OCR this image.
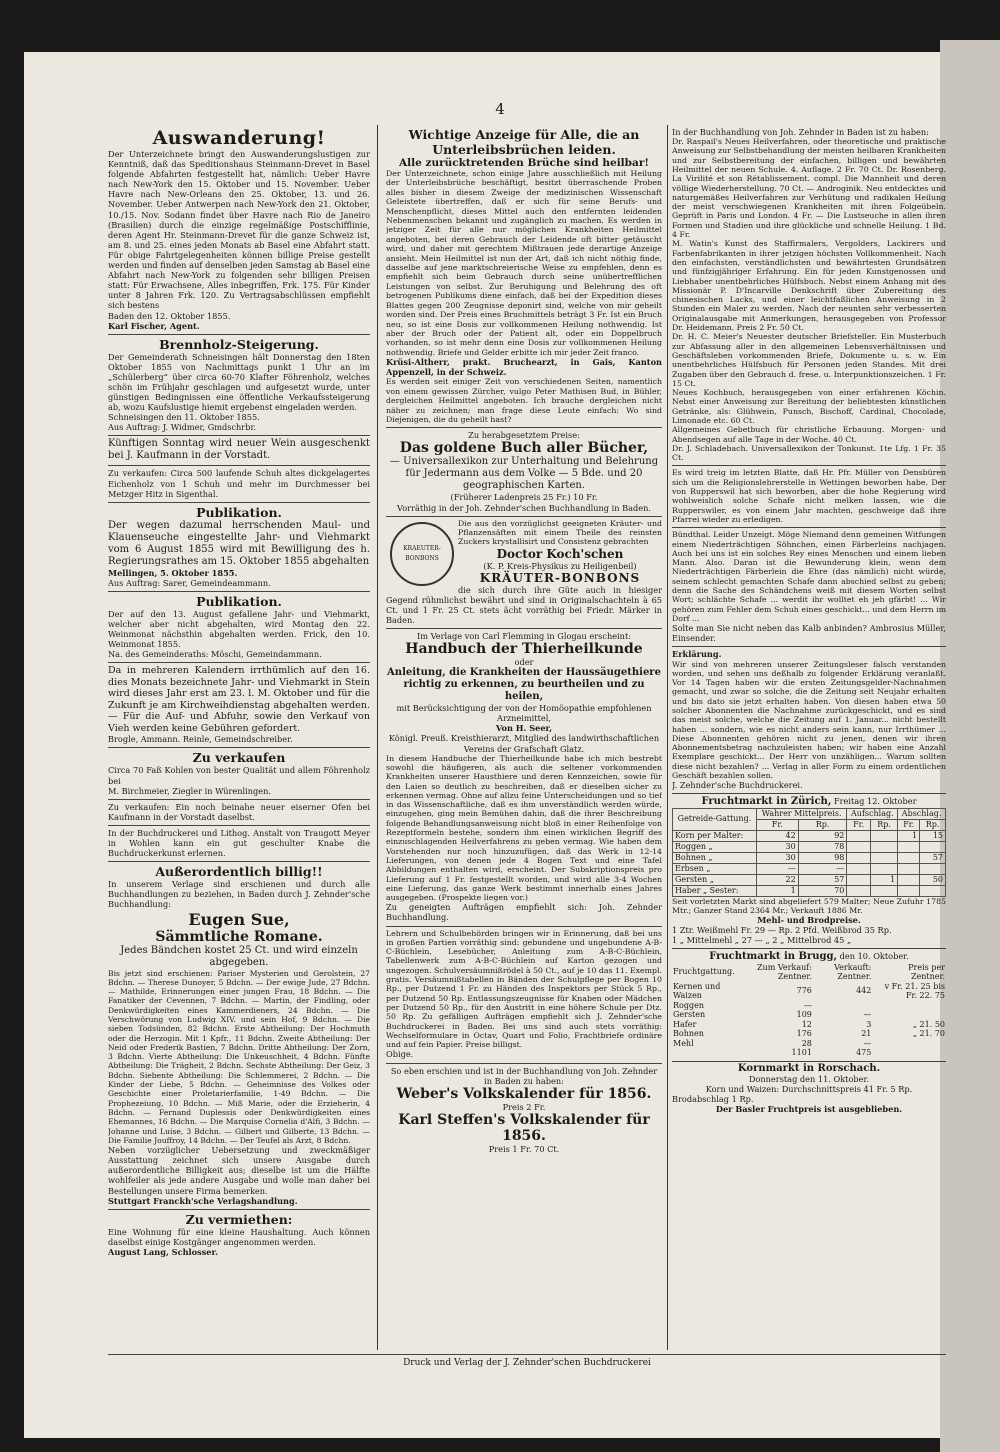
4
Auswanderung!

Der Unterzeichnete bringt den Auswanderungslustigen zur Kenntniß, daß das Speditionshaus Steinmann-Drevet in Basel folgende Abfahrten festgestellt hat, nämlich: Ueber Havre nach New-York den 15. Oktober und 15. November. Ueber Havre nach New-Orleans den 25. Oktober, 13. und 26. November. Ueber Antwerpen nach New-York den 21. Oktober, 10./15. Nov. Sodann findet über Havre nach Rio de Janeiro (Brasilien) durch die einzige regelmäßige Postschifflinie, deren Agent Hr. Steinmann-Drevet für die ganze Schweiz ist, am 8. und 25. eines jeden Monats ab Basel eine Abfahrt statt. Für obige Fahrtgelegenheiten können billige Preise gestellt werden und finden auf denselben jeden Samstag ab Basel eine Abfahrt nach New-York zu folgenden sehr billigen Preisen statt: Für Erwachsene, Alles inbegriffen, Frk. 175. Für Kinder unter 8 Jahren Frk. 120. Zu Vertragsabschlüssen empfiehlt sich bestens

Baden den 12. Oktober 1855.

Karl Fischer, Agent.

Brennholz-Steigerung.

Der Gemeinderath Schneisingen hält Donnerstag den 18ten Oktober 1855 von Nachmittags punkt 1 Uhr an im „Schülerberg“ über circa 60-70 Klafter Föhrenholz, welches schön im Frühjahr geschlagen und aufgesetzt wurde, unter günstigen Bedingnissen eine öffentliche Verkaufssteigerung ab, wozu Kaufslustige hiemit ergebenst eingeladen werden.

Schneisingen den 11. Oktober 1855.

Aus Auftrag: J. Widmer, Gmdschrbr.

Künftigen Sonntag wird neuer Wein ausgeschenkt bei J. Kaufmann in der Vorstadt.

Zu verkaufen: Circa 500 laufende Schuh altes dickgelagertes Eichenholz von 1 Schuh und mehr im Durchmesser bei Metzger Hitz in Sigenthal.

Publikation.

Der wegen dazumal herrschenden Maul- und Klauenseuche eingestellte Jahr- und Viehmarkt vom 6 August 1855 wird mit Bewilligung des h. Regierungsrathes am 15. Oktober 1855 abgehalten

Mellingen, 5. Oktober 1855.

Aus Auftrag: Sarer, Gemeindeammann.

Publikation.

Der auf den 13. August gefallene Jahr- und Viehmarkt, welcher aber nicht abgehalten, wird Montag den 22. Weinmonat nächsthin abgehalten werden. Frick, den 10. Weinmonat 1855.

Na. des Gemeinderaths: Möschi, Gemeindammann.

Da in mehreren Kalendern irrthümlich auf den 16. dies Monats bezeichnete Jahr- und Viehmarkt in Stein wird dieses Jahr erst am 23. l. M. Oktober und für die Zukunft je am Kirchweihdienstag abgehalten werden. — Für die Auf- und Abfuhr, sowie den Verkauf von Vieh werden keine Gebühren gefordert.

Brogle, Ammann. Reinle, Gemeindschreiber.

Zu verkaufen

Circa 70 Faß Kohlen von bester Qualität und allem Föhrenholz bei

M. Birchmeier, Ziegler in Würenlingen.

Zu verkaufen: Ein noch beinahe neuer eiserner Ofen bei Kaufmann in der Vorstadt daselbst.

In der Buchdruckerei und Lithog. Anstalt von Traugott Meyer in Wohlen kann ein gut geschulter Knabe die Buchdruckerkunst erlernen.

Außerordentlich billig!!

In unserem Verlage sind erschienen und durch alle Buchhandlungen zu beziehen, in Baden durch J. Zehnder'sche Buchhandlung:

Eugen Sue,
Sämmtliche Romane.

Jedes Bändchen kostet 25 Ct. und wird einzeln abgegeben.

Bis jetzt sind erschienen: Pariser Mysterien und Gerolstein, 27 Bdchn. — Therese Dunoyer, 5 Bdchn. — Der ewige Jude, 27 Bdchn. — Mathilde, Erinnerungen einer jungen Frau, 18 Bdchn. — Die Fanatiker der Cevennen, 7 Bdchn. — Martin, der Findling, oder Denkwürdigkeiten eines Kammerdieners, 24 Bdchn. — Die Verschwörung von Ludwig XIV. und sein Hof, 9 Bdchn. — Die sieben Todsünden, 82 Bdchn. Erste Abtheilung: Der Hochmuth oder die Herzogin. Mit 1 Kpfr., 11 Bdchn. Zweite Abtheilung: Der Neid oder Frederik Bastien, 7 Bdchn. Dritte Abtheilung: Der Zorn, 3 Bdchn. Vierte Abtheilung: Die Unkeuschheit, 4 Bdchn. Fünfte Abtheilung: Die Trägheit, 2 Bdchn. Sechste Abtheilung: Der Geiz, 3 Bdchn. Siebente Abtheilung: Die Schlemmerei, 2 Bdchn. — Die Kinder der Liebe, 5 Bdchn. — Geheimnisse des Volkes oder Geschichte einer Proletarierfamilie, 1-49 Bdchn. — Die Prophezeiung, 10 Bdchn. — Miß Marie, oder die Erzieherin, 4 Bdchn. — Fernand Duplessis oder Denkwürdigkeiten eines Ehemannes, 16 Bdchn. — Die Marquise Cornelia d'Alfi, 3 Bdchn. — Johanne und Luise, 3 Bdchn. — Gilbert und Gilberte, 13 Bdchn. — Die Familie Jouffroy, 14 Bdchn. — Der Teufel als Arzt, 8 Bdchn.

Neben vorzüglicher Uebersetzung und zweckmäßiger Ausstattung zeichnet sich unsere Ausgabe durch außerordentliche Billigkeit aus; dieselbe ist um die Hälfte wohlfeiler als jede andere Ausgabe und wolle man daher bei Bestellungen unsere Firma bemerken.

Stuttgart Franckh'sche Verlagshandlung.

Zu vermiethen:

Eine Wohnung für eine kleine Haushaltung. Auch können daselbst einige Kostgänger angenommen werden.

August Lang, Schlosser.

Wichtige Anzeige für Alle, die an Unterleibsbrüchen leiden.
Alle zurücktretenden Brüche sind heilbar!

Der Unterzeichnete, schon einige Jahre ausschließlich mit Heilung der Unterleibsbrüche beschäftigt, besitzt überraschende Proben alles bisher in diesem Zweige der medizinischen Wissenschaft Geleistete übertreffen, daß er sich für seine Berufs- und Menschenpflicht, dieses Mittel auch den entfernten leidenden Nebenmenschen bekannt und zugänglich zu machen. Es werden in jetziger Zeit für alle nur möglichen Krankheiten Heilmittel angeboten, bei deren Gebrauch der Leidende oft bitter getäuscht wird, und daher mit gerechtem Mißtrauen jede derartige Anzeige ansieht. Mein Heilmittel ist nun der Art, daß ich nicht nöthig finde, dasselbe auf jene marktschreierische Weise zu empfehlen, denn es empfiehlt sich beim Gebrauch durch seine unübertrefflichen Leistungen von selbst. Zur Beruhigung und Belehrung des oft betrogenen Publikums diene einfach, daß bei der Expedition dieses Blattes gegen 200 Zeugnisse deponirt sind, welche von mir geheilt worden sind. Der Preis eines Bruchmittels beträgt 3 Fr. Ist ein Bruch neu, so ist eine Dosis zur vollkommenen Heilung nothwendig. Ist aber der Bruch oder der Patient alt, oder ein Doppelbruch vorhanden, so ist mehr denn eine Dosis zur vollkommenen Heilung nothwendig. Briefe und Gelder erbitte ich mir jeder Zeit franco.

Krüsi-Altherr, prakt. Bruchearzt, in Gais, Kanton Appenzell, in der Schweiz.

Es werden seit einiger Zeit von verschiedenen Seiten, namentlich von einem gewissen Zürcher, vulgo Peter Mathisen Bud, in Bühler, dergleichen Heilmittel angeboten. Ich brauche dergleichen nicht näher zu zeichnen; man frage diese Leute einfach: Wo sind Diejenigen, die du geheilt hast?

Zu herabgesetztem Preise:

Das goldene Buch aller Bücher,

— Universallexikon zur Unterhaltung und Belehrung für Jedermann aus dem Volke — 5 Bde. und 20 geographischen Karten.

(Früherer Ladenpreis 25 Fr.) 10 Fr.

Vorräthig in der Joh. Zehnder'schen Buchhandlung in Baden.

KRAEUTER-BONBONS

Die aus den vorzüglichst geeigneten Kräuter- und Pflanzensäften mit einem Theile des reinsten Zuckers krystallisirt und Consistenz gebrachten

Doctor Koch'schen

(K. P. Kreis-Physikus zu Heiligenbeil)

KRÄUTER-BONBONS

die sich durch ihre Güte auch in hiesiger Gegend rühmlichst bewährt und sind in Originalschachteln à 65 Ct. und 1 Fr. 25 Ct. stets ächt vorräthig bei Friedr. Märker in Baden.

Im Verlage von Carl Flemming in Glogau erscheint:

Handbuch der Thierheilkunde

oder

Anleitung, die Krankheiten der Haussäugethiere richtig zu erkennen, zu beurtheilen und zu heilen,

mit Berücksichtigung der von der Homöopathie empfohlenen Arzneimittel,

Von H. Seer,

Königl. Preuß. Kreisthierarzt, Mitglied des landwirthschaftlichen Vereins der Grafschaft Glatz.

In diesem Handbuche der Thierheilkunde habe ich mich bestrebt sowohl die häufigeren, als auch die seltener vorkommenden Krankheiten unserer Hausthiere und deren Kennzeichen, sowie für den Laien so deutlich zu beschreiben, daß er dieselben sicher zu erkennen vermag. Ohne auf allzu feine Unterscheidungen und so tief in das Wissenschaftliche, daß es ihm unverständlich werden würde, einzugehen, ging mein Bemühen dahin, daß die ihrer Beschreibung folgende Behandlungsanweisung nicht bloß in einer Reihenfolge von Rezeptformeln bestehe, sondern ihm einen wirklichen Begriff des einzuschlagenden Heilverfahrens zu geben vermag. Wie haben dem Vorstehenden nur noch hinzuzufügen, daß das Werk in 12-14 Lieferungen, von denen jede 4 Bogen Text und eine Tafel Abbildungen enthalten wird, erscheint. Der Subskriptionspreis pro Lieferung auf 1 Fr. festgestellt worden, und wird alle 3-4 Wochen eine Lieferung, das ganze Werk bestimmt innerhalb eines Jahres ausgegeben. (Prospekte liegen vor.)

Zu geneigten Aufträgen empfiehlt sich: Joh. Zehnder Buchhandlung.

Lehrern und Schulbehörden bringen wir in Erinnerung, daß bei uns in großen Partien vorräthig sind: gebundene und ungebundene A-B-C-Büchlein, Lesebücher, Anleitung zum A-B-C-Büchlein, Tabellenwerk zum A-B-C-Büchlein auf Karton gezogen und ungezogen. Schulversäumnißrödel à 50 Ct., auf je 10 das 11. Exempl. gratis. Versäumnißtabellen in Bänden der Schulpflege per Bogen 10 Rp., per Dutzend 1 Fr. zu Händen des Inspektors per Stück 5 Rp., per Dutzend 50 Rp. Entlassungszeugnisse für Knaben oder Mädchen per Dutzend 50 Rp., für den Austritt in eine höhere Schule per Dtz. 50 Rp. Zu gefälligen Aufträgen empfiehlt sich J. Zehnder'sche Buchdruckerei in Baden. Bei uns sind auch stets vorräthig: Wechselformulare in Octav, Quart und Folio, Frachtbriefe ordinäre und auf fein Papier. Preise billigst.

Obige.

So eben erschien und ist in der Buchhandlung von Joh. Zehnder in Baden zu haben:

Weber's Volkskalender für 1856.

Preis 2 Fr.

Karl Steffen's Volkskalender für 1856.

Preis 1 Fr. 70 Ct.

In der Buchhandlung von Joh. Zehnder in Baden ist zu haben:

Dr. Raspail's Neues Heilverfahren, oder theoretische und praktische Anweisung zur Selbstbehandlung der meisten heilbaren Krankheiten und zur Selbstbereitung der einfachen, billigen und bewährten Heilmittel der neuen Schule. 4. Auflage. 2 Fr. 70 Ct. Dr. Rosenberg. La Virilité et son Rétablissement. compl. Die Mannheit und deren völlige Wiederherstellung. 70 Ct. — Androginik. Neu entdecktes und naturgemäßes Heilverfahren zur Verhütung und radikalen Heilung der meist verschwiegenen Krankheiten mit ihren Folgeübeln. Geprüft in Paris und London. 4 Fr. — Die Lustseuche in allen ihren Formen und Stadien und ihre glückliche und schnelle Heilung. 1 Bd. 4 Fr.

M. Watin's Kunst des Staffirmalers, Vergolders, Lackirers und Farbenfabrikanten in ihrer jetzigen höchsten Vollkommenheit. Nach den einfachsten, verständlichsten und bewährtesten Grundsätzen und fünfzigjähriger Erfahrung. Ein für jeden Kunstgenossen und Liebhaber unentbehrliches Hülfsbuch. Nebst einem Anhang mit des Missionär P. D'Incarville Denkschrift über Zubereitung des chinesischen Lacks, und einer leichtfaßlichen Anweisung in 2 Stunden ein Maler zu werden. Nach der neunten sehr verbesserten Originalausgabe mit Anmerkungen, herausgegeben von Professor Dr. Heidemann. Preis 2 Fr. 50 Ct.

Dr. H. C. Meier's Neuester deutscher Briefsteller. Ein Musterbuch zur Abfassung aller in den allgemeinen Lebensverhältnissen und Geschäftsleben vorkommenden Briefe, Dokumente u. s. w. Ein unentbehrliches Hülfsbuch für Personen jeden Standes. Mit drei Zugaben über den Gebrauch d. frese. u. Interpunktionszeichen. 1 Fr. 15 Ct.

Neues Kochbuch, herausgegeben von einer erfahrenen Köchin. Nebst einer Anweisung zur Bereitung der beliebtesten künstlichen Getränke, als: Glühwein, Punsch, Bischoff, Cardinal, Chocolade, Limonade etc. 60 Ct.

Allgemeines Gebetbuch für christliche Erbauung. Morgen- und Abendsegen auf alle Tage in der Woche. 40 Ct.

Dr. J. Schladebach. Universallexikon der Tonkunst. 1te Lfg. 1 Fr. 35 Ct.

Es wird treig im letzten Blatte, daß Hr. Pfr. Müller von Densbüren sich um die Religionslehrerstelle in Wettingen beworben habe. Der von Rupperswil hat sich beworben, aber die hohe Regierung wird wohlweislich solche Schafe nicht melken lassen, wie die Rupperswiler, es von einem Jahr machten, geschweige daß ihre Pfarrei wieder zu erledigen.

Bündthal. Leider Unzeigt. Möge Niemand denn gemeinen Witfungen einem Niederträchtigen Söhnchen, einen Färberleins nachjagen. Auch bei uns ist ein solches Rey eines Menschen und einem lieben Mann. Also. Daran ist die Bewunderung klein, wenn dem Niederträchtigen Färberlein die Ehre (das nämlich) nicht würde, seinem schlecht gemachten Schafe dann abschied selbst zu geben; denn die Sache des Schändchens weiß mit diesem Worten selbst Wort; schlächte Schafe ... werdit ihr wolltet eh jeh gfärbt! ... Wir gehören zum Fehler dem Schuh eines geschickt... und dem Herrn im Dorf ...

Solte man Sie nicht neben das Kalb anbinden? Ambrosius Müller, Einsender.

Erklärung.

Wir sind von mehreren unserer Zeitungsleser falsch verstanden worden, und sehen uns deßhalb zu folgender Erklärung veranlaßt. Vor 14 Tagen haben wir die ersten Zeitungsgelder-Nachnahmen gemacht, und zwar so solche, die die Zeitung seit Neujahr erhalten und bis dato sie jetzt erhalten haben. Von diesen haben etwa 50 solcher Abonnenten die Nachnahme zurückgeschickt, und es sind das meist solche, welche die Zeitung auf 1. Januar... nicht bestellt haben ... sondern, wie es nicht anders sein kann, nur Irrthümer ... Diese Abonnenten gehören nicht zu jenen, denen wir ihren Abonnementsbetrag nachzuleisten haben; wir haben eine Anzahl Exemplare geschickt... Der Herr von unzähligen... Warum sollten diese nicht bezahlen? ... Verlag in aller Form zu einem ordentlichen Geschäft bezahlen sollen.

J. Zehnder'sche Buchdruckerei.

Fruchtmarkt in Zürich, Freitag 12. Oktober

Getreide-Gattung.	Wahrer Mittelpreis.		Aufschlag.		Abschlag.	
	Fr.	Rp.	Fr.	Rp.	Fr.	Rp.
Korn per Malter:	42	92			1	15
Roggen „	30	78				
Bohnen „	30	98				57
Erbsen „	—	—				
Gersten „	22	57		1		50
Haber „ Sester:	1	70				

Seit vorletzten Markt sind abgeliefert 579 Malter; Neue Zufuhr 1785 Mtr.; Ganzer Stand 2364 Mr.; Verkauft 1886 Mr.

Mehl- und Brodpreise.

1 Ztr. Weißmehl Fr. 29 — Rp. 2 Pfd. Weißbrod 35 Rp.

1 „ Mittelmehl „ 27 — „ 2 „ Mittelbrod 45 „

Fruchtmarkt in Brugg, den 10. Oktober.

Fruchtgattung.	Zum Verkauf: Zentner.	Verkauft: Zentner.	Preis per Zentner.
Kernen und Waizen	776	442	v Fr. 21. 25 bis Fr. 22. 75
Roggen	—		
Gersten	109	—	
Hafer	12	3	„ 21. 50
Bohnen	176	21	„ 21. 70
Mehl	28	—	
	1101	475	

Kornmarkt in Rorschach.

Donnerstag den 11. Oktober.

Korn und Waizen: Durchschnittspreis 41 Fr. 5 Rp.

Brodabschlag 1 Rp.

Der Basler Fruchtpreis ist ausgeblieben.

Druck und Verlag der J. Zehnder'schen Buchdruckerei
